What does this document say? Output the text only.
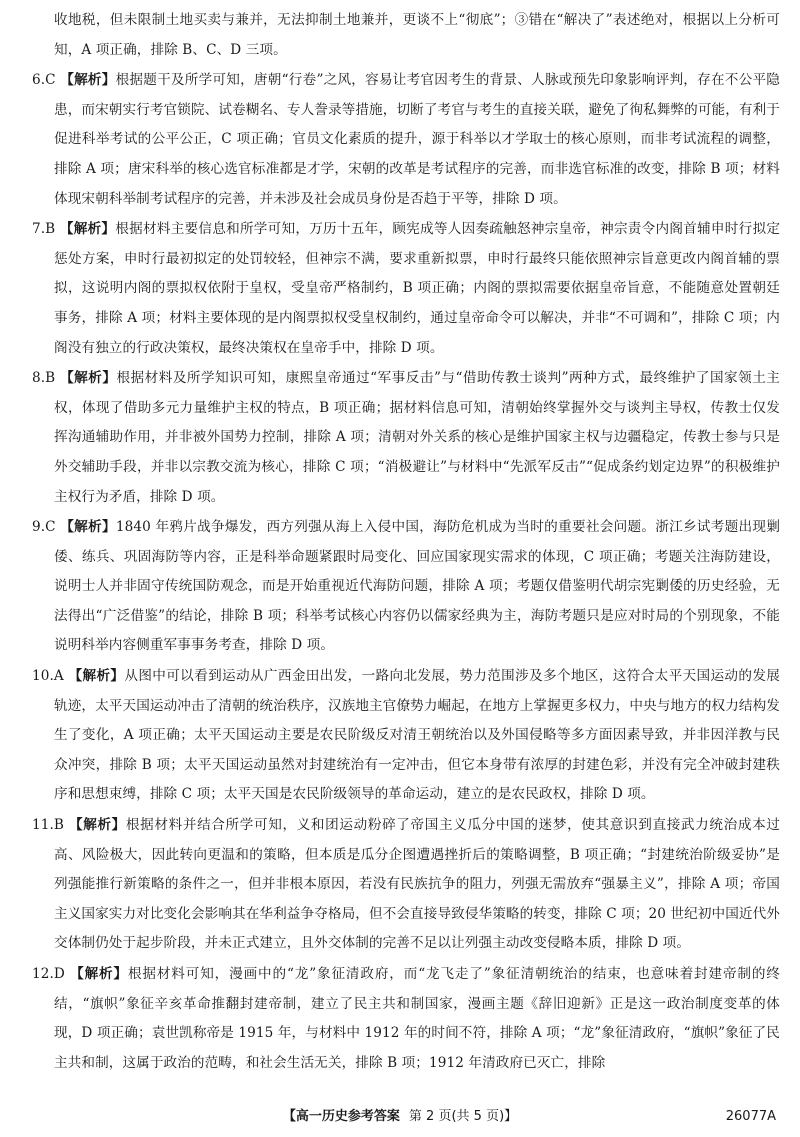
收地税，但未限制土地买卖与兼并，无法抑制土地兼并，更谈不上“彻底”；③错在“解决了”表述绝对，根据以上分析可知，A 项正确，排除 B、C、D 三项。

6.C 【解析】根据题干及所学可知，唐朝“行卷”之风，容易让考官因考生的背景、人脉或预先印象影响评判，存在不公平隐患，而宋朝实行考官锁院、试卷糊名、专人誊录等措施，切断了考官与考生的直接关联，避免了徇私舞弊的可能，有利于促进科举考试的公平公正，C 项正确；官员文化素质的提升，源于科举以才学取士的核心原则，而非考试流程的调整，排除 A 项；唐宋科举的核心选官标准都是才学，宋朝的改革是考试程序的完善，而非选官标准的改变，排除 B 项；材料体现宋朝科举制考试程序的完善，并未涉及社会成员身份是否趋于平等，排除 D 项。

7.B 【解析】根据材料主要信息和所学可知，万历十五年，顾宪成等人因奏疏触怒神宗皇帝，神宗责令内阁首辅申时行拟定惩处方案，申时行最初拟定的处罚较轻，但神宗不满，要求重新拟票，申时行最终只能依照神宗旨意更改内阁首辅的票拟，这说明内阁的票拟权依附于皇权，受皇帝严格制约，B 项正确；内阁的票拟需要依据皇帝旨意，不能随意处置朝廷事务，排除 A 项；材料主要体现的是内阁票拟权受皇权制约，通过皇帝命令可以解决，并非“不可调和”，排除 C 项；内阁没有独立的行政决策权，最终决策权在皇帝手中，排除 D 项。

8.B 【解析】根据材料及所学知识可知，康熙皇帝通过“军事反击”与“借助传教士谈判”两种方式，最终维护了国家领土主权，体现了借助多元力量维护主权的特点，B 项正确；据材料信息可知，清朝始终掌握外交与谈判主导权，传教士仅发挥沟通辅助作用，并非被外国势力控制，排除 A 项；清朝对外关系的核心是维护国家主权与边疆稳定，传教士参与只是外交辅助手段，并非以宗教交流为核心，排除 C 项；“消极避让”与材料中“先派军反击”“促成条约划定边界”的积极维护主权行为矛盾，排除 D 项。

9.C 【解析】1840 年鸦片战争爆发，西方列强从海上入侵中国，海防危机成为当时的重要社会问题。浙江乡试考题出现剿倭、练兵、巩固海防等内容，正是科举命题紧跟时局变化、回应国家现实需求的体现，C 项正确；考题关注海防建设，说明士人并非固守传统国防观念，而是开始重视近代海防问题，排除 A 项；考题仅借鉴明代胡宗宪剿倭的历史经验，无法得出“广泛借鉴”的结论，排除 B 项；科举考试核心内容仍以儒家经典为主，海防考题只是应对时局的个别现象，不能说明科举内容侧重军事事务考查，排除 D 项。

10.A 【解析】从图中可以看到运动从广西金田出发，一路向北发展，势力范围涉及多个地区，这符合太平天国运动的发展轨迹，太平天国运动冲击了清朝的统治秩序，汉族地主官僚势力崛起，在地方上掌握更多权力，中央与地方的权力结构发生了变化，A 项正确；太平天国运动主要是农民阶级反对清王朝统治以及外国侵略等多方面因素导致，并非因洋教与民众冲突，排除 B 项；太平天国运动虽然对封建统治有一定冲击，但它本身带有浓厚的封建色彩，并没有完全冲破封建秩序和思想束缚，排除 C 项；太平天国是农民阶级领导的革命运动，建立的是农民政权，排除 D 项。

11.B 【解析】根据材料并结合所学可知，义和团运动粉碎了帝国主义瓜分中国的迷梦，使其意识到直接武力统治成本过高、风险极大，因此转向更温和的策略，但本质是瓜分企图遭遇挫折后的策略调整，B 项正确；“封建统治阶级妥协”是列强能推行新策略的条件之一，但并非根本原因，若没有民族抗争的阻力，列强无需放弃“强暴主义”，排除 A 项；帝国主义国家实力对比变化会影响其在华利益争夺格局，但不会直接导致侵华策略的转变，排除 C 项；20 世纪初中国近代外交体制仍处于起步阶段，并未正式建立，且外交体制的完善不足以让列强主动改变侵略本质，排除 D 项。

12.D 【解析】根据材料可知，漫画中的“龙”象征清政府，而“龙飞走了”象征清朝统治的结束，也意味着封建帝制的终结，“旗帜”象征辛亥革命推翻封建帝制，建立了民主共和制国家，漫画主题《辞旧迎新》正是这一政治制度变革的体现，D 项正确；袁世凯称帝是 1915 年，与材料中 1912 年的时间不符，排除 A 项；“龙”象征清政府，“旗帜”象征了民主共和制，这属于政治的范畴，和社会生活无关，排除 B 项；1912 年清政府已灭亡，排除

【高一历史参考答案 第 2 页(共 5 页)】	26077A
